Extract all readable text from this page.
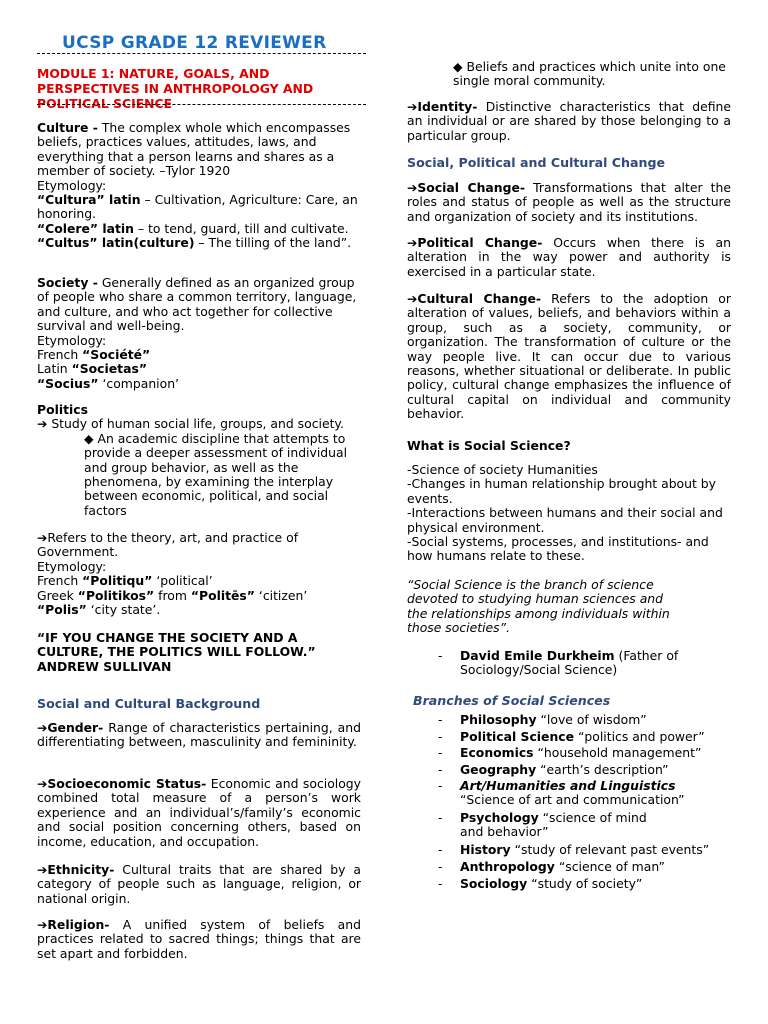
UCSP GRADE 12 REVIEWER
MODULE 1: NATURE, GOALS, AND PERSPECTIVES IN ANTHROPOLOGY AND POLITICAL SCIENCE
Culture - The complex whole which encompasses beliefs, practices values, attitudes, laws, and everything that a person learns and shares as a member of society. –Tylor 1920
Etymology:
“Cultura” latin – Cultivation, Agriculture: Care, an honoring.
“Colere” latin – to tend, guard, till and cultivate.
“Cultus” latin(culture) – The tilling of the land”.
Society - Generally defined as an organized group of people who share a common territory, language, and culture, and who act together for collective survival and well-being.
Etymology:
French “Société”
Latin “Societas”
“Socius” ‘companion’
Politics
➔ Study of human social life, groups, and society.
◆ An academic discipline that attempts to provide a deeper assessment of individual and group behavior, as well as the phenomena, by examining the interplay between economic, political, and social factors
➔Refers to the theory, art, and practice of Government.
Etymology:
French “Politiqu” ‘political’
Greek “Politikos” from “Politēs” ‘citizen’
“Polis” ‘city state’.
“IF YOU CHANGE THE SOCIETY AND A CULTURE, THE POLITICS WILL FOLLOW.” ANDREW SULLIVAN
Social and Cultural Background
➔Gender- Range of characteristics pertaining, and differentiating between, masculinity and femininity.
➔Socioeconomic Status- Economic and sociology combined total measure of a person’s work experience and an individual’s/family’s economic and social position concerning others, based on income, education, and occupation.
➔Ethnicity- Cultural traits that are shared by a category of people such as language, religion, or national origin.
➔Religion- A unified system of beliefs and practices related to sacred things; things that are set apart and forbidden.
◆ Beliefs and practices which unite into one single moral community.
➔Identity- Distinctive characteristics that define an individual or are shared by those belonging to a particular group.
Social, Political and Cultural Change
➔Social Change- Transformations that alter the roles and status of people as well as the structure and organization of society and its institutions.
➔Political Change- Occurs when there is an alteration in the way power and authority is exercised in a particular state.
➔Cultural Change- Refers to the adoption or alteration of values, beliefs, and behaviors within a group, such as a society, community, or organization. The transformation of culture or the way people live. It can occur due to various reasons, whether situational or deliberate. In public policy, cultural change emphasizes the influence of cultural capital on individual and community behavior.
What is Social Science?
-Science of society Humanities
-Changes in human relationship brought about by events.
-Interactions between humans and their social and physical environment.
-Social systems, processes, and institutions- and how humans relate to these.
“Social Science is the branch of science devoted to studying human sciences and the relationships among individuals within those societies”.
- David Emile Durkheim (Father of Sociology/Social Science)
Branches of Social Sciences
- Philosophy “love of wisdom”
- Political Science “politics and power”
- Economics “household management”
- Geography “earth’s description”
- Art/Humanities and Linguistics
“Science of art and communication”
- Psychology “science of mind and behavior”
- History “study of relevant past events”
- Anthropology “science of man”
- Sociology “study of society”
